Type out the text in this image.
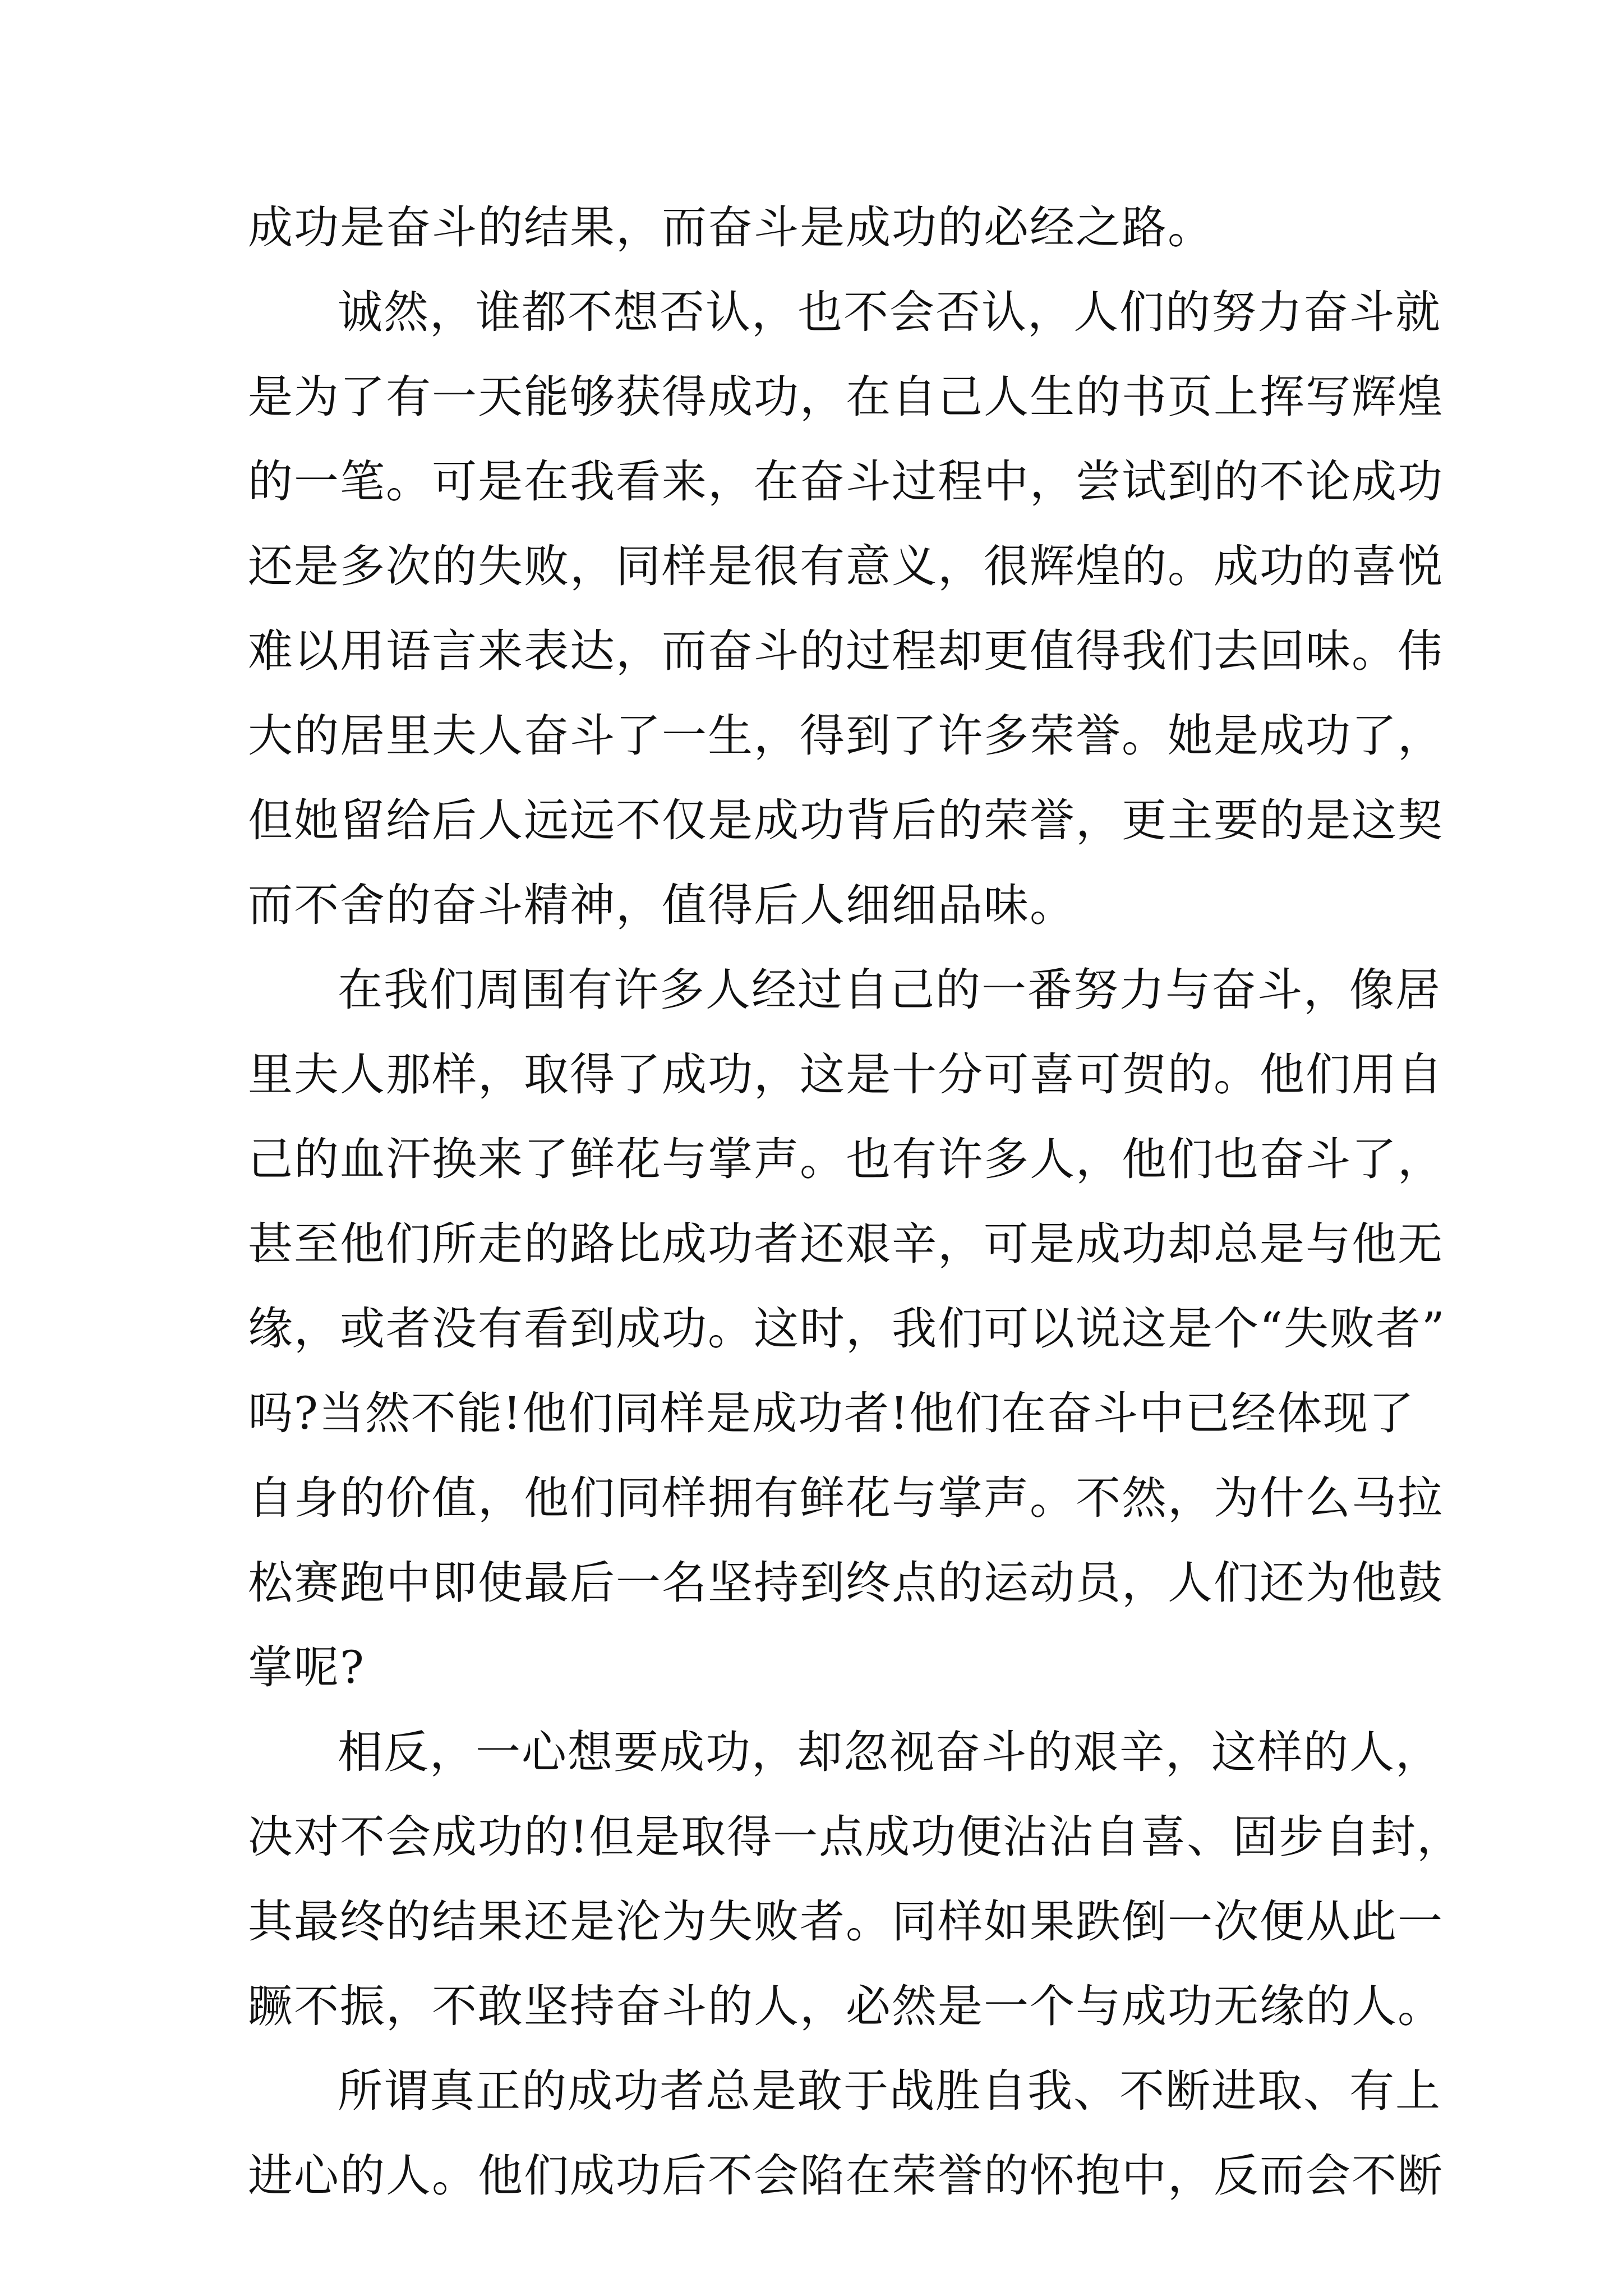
成功是奋斗的结果，而奋斗是成功的必经之路。
诚然，谁都不想否认，也不会否认，人们的努力奋斗就
是为了有一天能够获得成功，在自己人生的书页上挥写辉煌
的一笔。可是在我看来，在奋斗过程中，尝试到的不论成功
还是多次的失败，同样是很有意义，很辉煌的。成功的喜悦
难以用语言来表达，而奋斗的过程却更值得我们去回味。伟
大的居里夫人奋斗了一生，得到了许多荣誉。她是成功了，
但她留给后人远远不仅是成功背后的荣誉，更主要的是这契
而不舍的奋斗精神，值得后人细细品味。
在我们周围有许多人经过自己的一番努力与奋斗，像居
里夫人那样，取得了成功，这是十分可喜可贺的。他们用自
己的血汗换来了鲜花与掌声。也有许多人，他们也奋斗了，
甚至他们所走的路比成功者还艰辛，可是成功却总是与他无
缘，或者没有看到成功。这时，我们可以说这是个“失败者”
吗?当然不能!他们同样是成功者!他们在奋斗中已经体现了
自身的价值，他们同样拥有鲜花与掌声。不然，为什么马拉
松赛跑中即使最后一名坚持到终点的运动员，人们还为他鼓
掌呢?
相反，一心想要成功，却忽视奋斗的艰辛，这样的人，
决对不会成功的!但是取得一点成功便沾沾自喜、固步自封，
其最终的结果还是沦为失败者。同样如果跌倒一次便从此一
蹶不振，不敢坚持奋斗的人，必然是一个与成功无缘的人。
所谓真正的成功者总是敢于战胜自我、不断进取、有上
进心的人。他们成功后不会陷在荣誉的怀抱中，反而会不断
